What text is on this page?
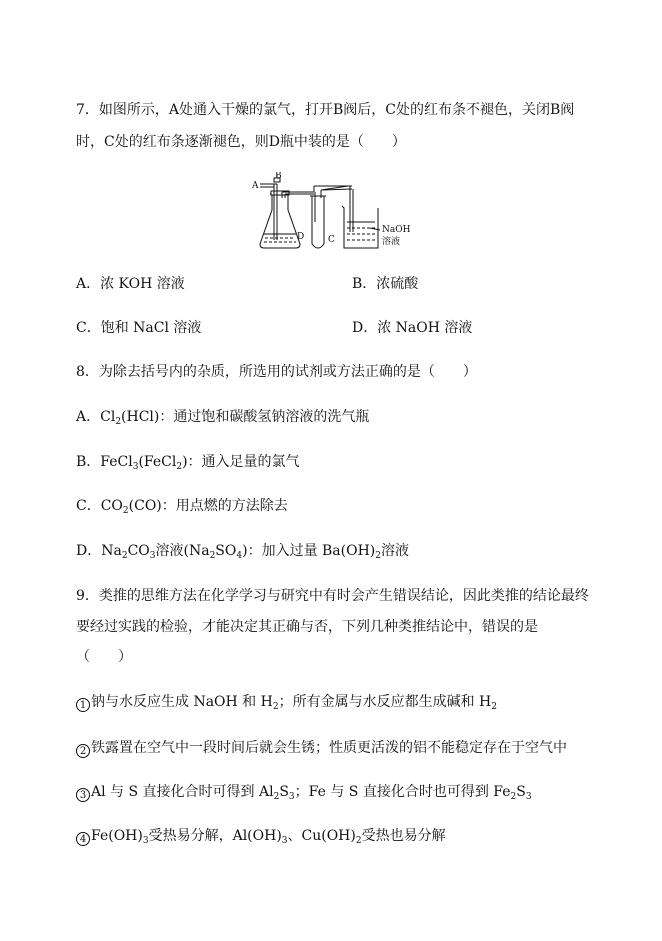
7．如图所示，A处通入干燥的氯气，打开B阀后，C处的红布条不褪色，关闭B阀
时，C处的红布条逐渐褪色，则D瓶中装的是（　　）
A
B
C
D
NaOH
溶液
A．浓 KOH 溶液	B．浓硫酸
C．饱和 NaCl 溶液	D．浓 NaOH 溶液
8．为除去括号内的杂质，所选用的试剂或方法正确的是（　　）
A．$Cl_2(HCl)$：通过饱和碳酸氢钠溶液的洗气瓶
B．FeCl$_3$(FeCl$_2$)：通入足量的氯气
C．$CO_2(CO)$：用点燃的方法除去
D．$Na_2CO_3$溶液$(Na_2SO_4)$：加入过量 $Ba(OH)_2$溶液
9．类推的思维方法在化学学习与研究中有时会产生错误结论，因此类推的结论最终
要经过实践的检验，才能决定其正确与否，下列几种类推结论中，错误的是
（　　）
1 钠与水反应生成 NaOH 和 $H_2$；所有金属与水反应都生成碱和 $H_2$
2 铁露置在空气中一段时间后就会生锈；性质更活泼的铝不能稳定存在于空气中
3 Al 与 S 直接化合时可得到 $Al_2S_3$；Fe 与 S 直接化合时也可得到 $Fe_2S_3$
4 $Fe(OH)_3$受热易分解，$Al(OH)_3$、$Cu(OH)_2$受热也易分解
